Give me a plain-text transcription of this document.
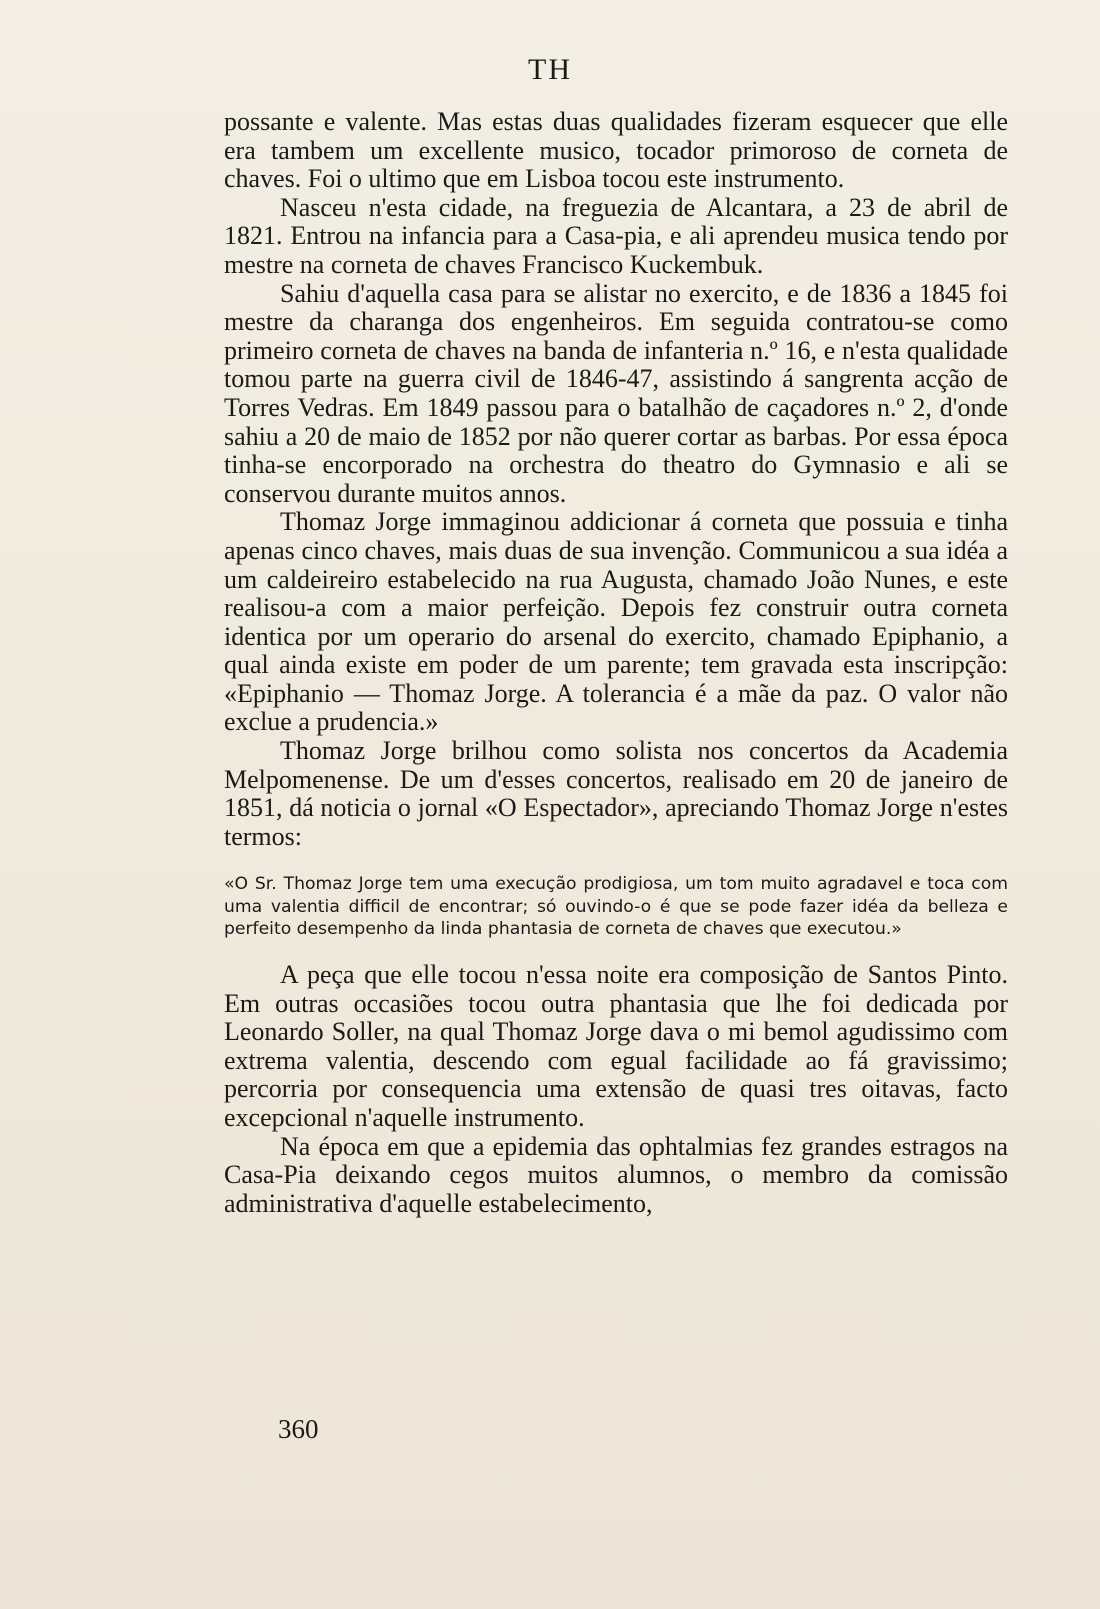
TH

possante e valente. Mas estas duas qualidades fizeram esquecer que elle era tambem um excellente musico, tocador primoroso de corneta de chaves. Foi o ultimo que em Lisboa tocou este instrumento.

Nasceu n'esta cidade, na freguezia de Alcantara, a 23 de abril de 1821. Entrou na infancia para a Casa-pia, e ali aprendeu musica tendo por mestre na corneta de chaves Francisco Kuckembuk.

Sahiu d'aquella casa para se alistar no exercito, e de 1836 a 1845 foi mestre da charanga dos engenheiros. Em seguida contratou-se como primeiro corneta de chaves na banda de infanteria n.º 16, e n'esta qualidade tomou parte na guerra civil de 1846-47, assistindo á sangrenta acção de Torres Vedras. Em 1849 passou para o batalhão de caçadores n.º 2, d'onde sahiu a 20 de maio de 1852 por não querer cortar as barbas. Por essa época tinha-se encorporado na orchestra do theatro do Gymnasio e ali se conservou durante muitos annos.

Thomaz Jorge immaginou addicionar á corneta que possuia e tinha apenas cinco chaves, mais duas de sua invenção. Communicou a sua idéa a um caldeireiro estabelecido na rua Augusta, chamado João Nunes, e este realisou-a com a maior perfeição. Depois fez construir outra corneta identica por um operario do arsenal do exercito, chamado Epiphanio, a qual ainda existe em poder de um parente; tem gravada esta inscripção: «Epiphanio — Thomaz Jorge. A tolerancia é a mãe da paz. O valor não exclue a prudencia.»

Thomaz Jorge brilhou como solista nos concertos da Academia Melpomenense. De um d'esses concertos, realisado em 20 de janeiro de 1851, dá noticia o jornal «O Espectador», apreciando Thomaz Jorge n'estes termos:

«O Sr. Thomaz Jorge tem uma execução prodigiosa, um tom muito agradavel e toca com uma valentia difficil de encontrar; só ouvindo-o é que se pode fazer idéa da belleza e perfeito desempenho da linda phantasia de corneta de chaves que executou.»

A peça que elle tocou n'essa noite era composição de Santos Pinto. Em outras occasiões tocou outra phantasia que lhe foi dedicada por Leonardo Soller, na qual Thomaz Jorge dava o mi bemol agudissimo com extrema valentia, descendo com egual facilidade ao fá gravissimo; percorria por consequencia uma extensão de quasi tres oitavas, facto excepcional n'aquelle instrumento.

Na época em que a epidemia das ophtalmias fez grandes estragos na Casa-Pia deixando cegos muitos alumnos, o membro da comissão administrativa d'aquelle estabelecimento,

360
